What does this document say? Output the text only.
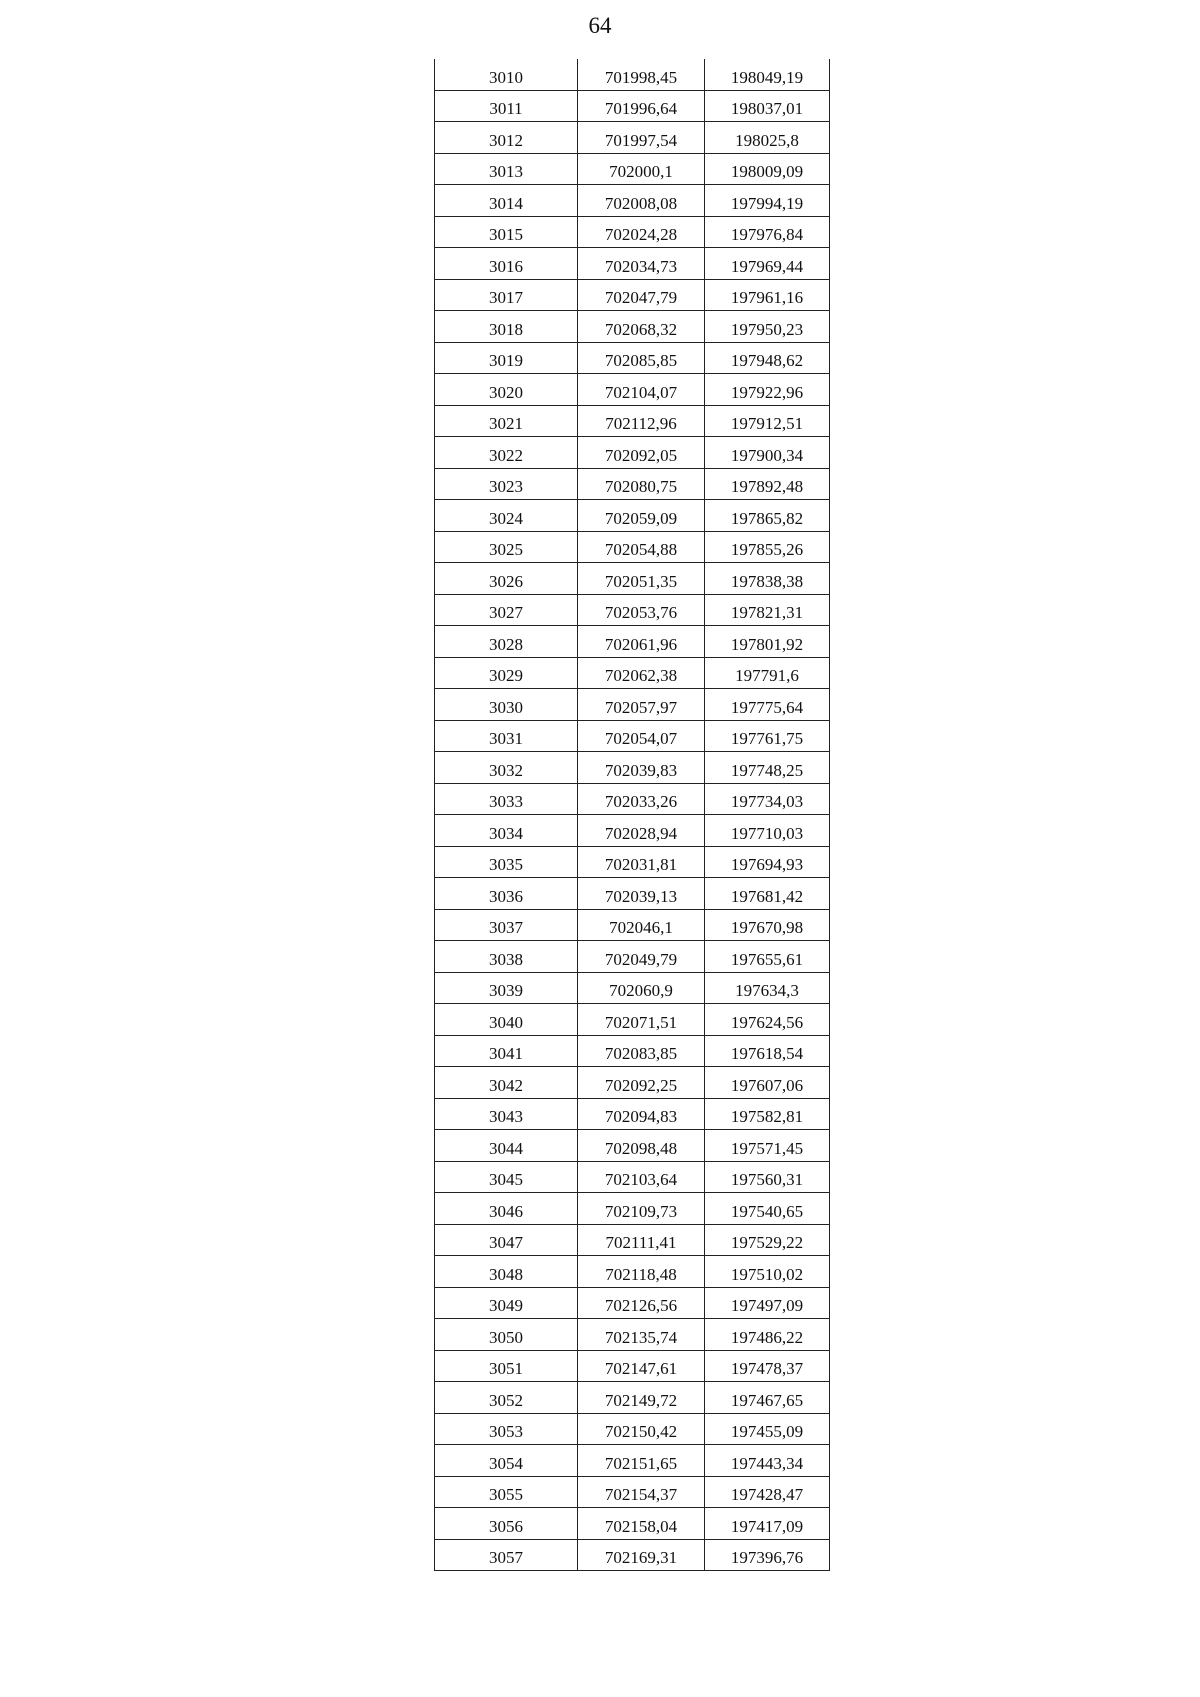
64
3010	701998,45	198049,19
3011	701996,64	198037,01
3012	701997,54	198025,8
3013	702000,1	198009,09
3014	702008,08	197994,19
3015	702024,28	197976,84
3016	702034,73	197969,44
3017	702047,79	197961,16
3018	702068,32	197950,23
3019	702085,85	197948,62
3020	702104,07	197922,96
3021	702112,96	197912,51
3022	702092,05	197900,34
3023	702080,75	197892,48
3024	702059,09	197865,82
3025	702054,88	197855,26
3026	702051,35	197838,38
3027	702053,76	197821,31
3028	702061,96	197801,92
3029	702062,38	197791,6
3030	702057,97	197775,64
3031	702054,07	197761,75
3032	702039,83	197748,25
3033	702033,26	197734,03
3034	702028,94	197710,03
3035	702031,81	197694,93
3036	702039,13	197681,42
3037	702046,1	197670,98
3038	702049,79	197655,61
3039	702060,9	197634,3
3040	702071,51	197624,56
3041	702083,85	197618,54
3042	702092,25	197607,06
3043	702094,83	197582,81
3044	702098,48	197571,45
3045	702103,64	197560,31
3046	702109,73	197540,65
3047	702111,41	197529,22
3048	702118,48	197510,02
3049	702126,56	197497,09
3050	702135,74	197486,22
3051	702147,61	197478,37
3052	702149,72	197467,65
3053	702150,42	197455,09
3054	702151,65	197443,34
3055	702154,37	197428,47
3056	702158,04	197417,09
3057	702169,31	197396,76
